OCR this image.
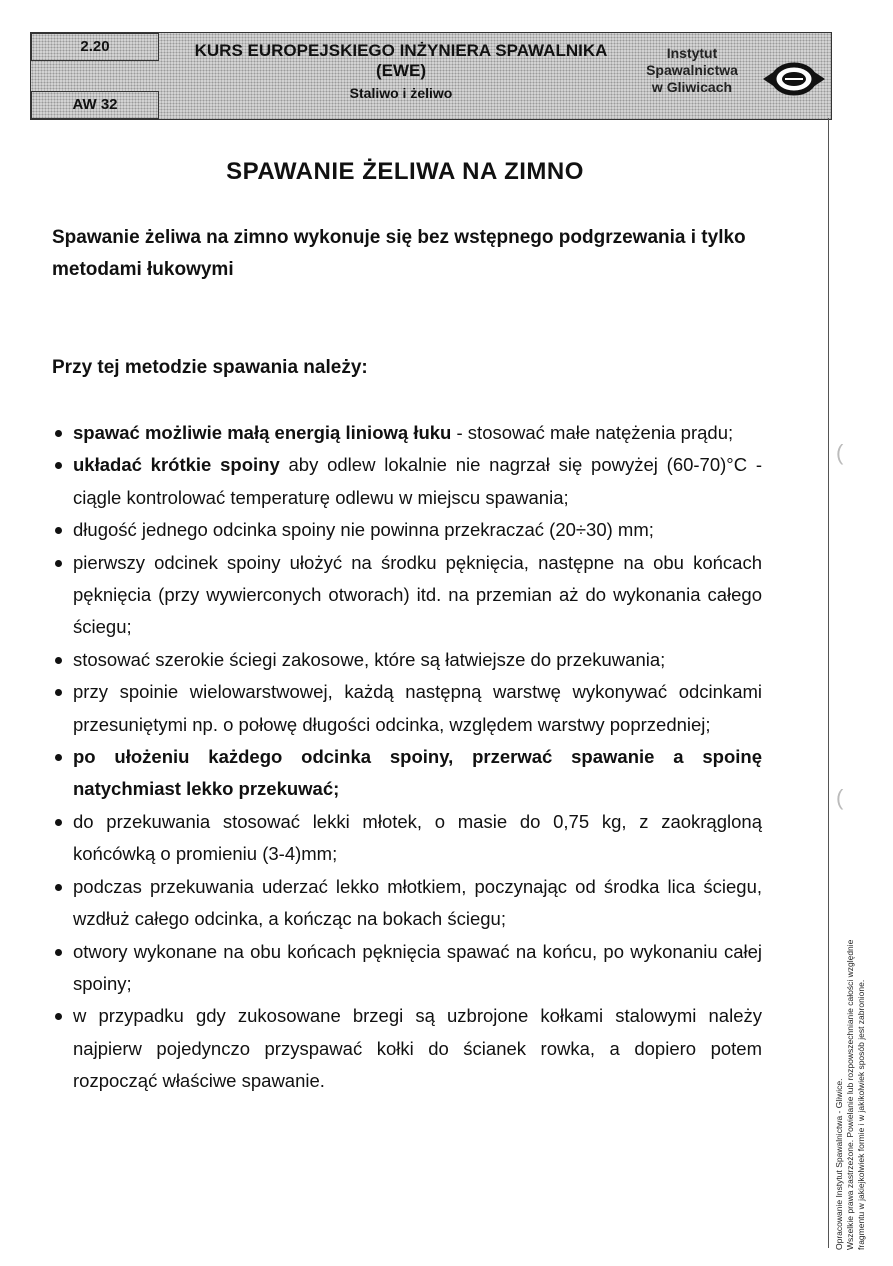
2.20
AW 32
KURS EUROPEJSKIEGO INŻYNIERA SPAWALNIKA
(EWE)
Staliwo i żeliwo
Instytut
Spawalnictwa
w Gliwicach
SPAWANIE ŻELIWA NA ZIMNO
Spawanie żeliwa na zimno wykonuje się bez wstępnego podgrzewania i tylko metodami łukowymi
Przy tej metodzie spawania należy:
spawać możliwie małą energią liniową łuku - stosować małe natężenia prądu;
układać krótkie spoiny aby odlew lokalnie nie nagrzał się powyżej (60-70)°C - ciągle kontrolować temperaturę odlewu w miejscu spawania;
długość jednego odcinka spoiny nie powinna przekraczać (20÷30) mm;
pierwszy odcinek spoiny ułożyć na środku pęknięcia, następne na obu końcach pęknięcia (przy wywierconych otworach) itd. na przemian aż do wykonania całego ściegu;
stosować szerokie ściegi zakosowe, które są łatwiejsze do przekuwania;
przy spoinie wielowarstwowej, każdą następną warstwę wykonywać odcinkami przesuniętymi np. o połowę długości odcinka, względem warstwy poprzedniej;
po ułożeniu każdego odcinka spoiny, przerwać spawanie a spoinę natychmiast lekko przekuwać;
do przekuwania stosować lekki młotek, o masie do 0,75 kg, z zaokrągloną końcówką o promieniu (3-4)mm;
podczas przekuwania uderzać lekko młotkiem, poczynając od środka lica ściegu, wzdłuż całego odcinka, a kończąc na bokach ściegu;
otwory wykonane na obu końcach pęknięcia spawać na końcu, po wykonaniu całej spoiny;
w przypadku gdy zukosowane brzegi są uzbrojone kołkami stalowymi należy najpierw pojedynczo przyspawać kołki do ścianek rowka, a dopiero potem rozpocząć właściwe spawanie.	Opracowanie Instytut Spawalnictwa - Gliwice. Wszelkie prawa zastrzeżone. Powielanie lub rozpowszechnianie całości względnie fragmentu w jakiejkolwiek formie i w jakikolwiek sposób jest zabronione.
(
(
